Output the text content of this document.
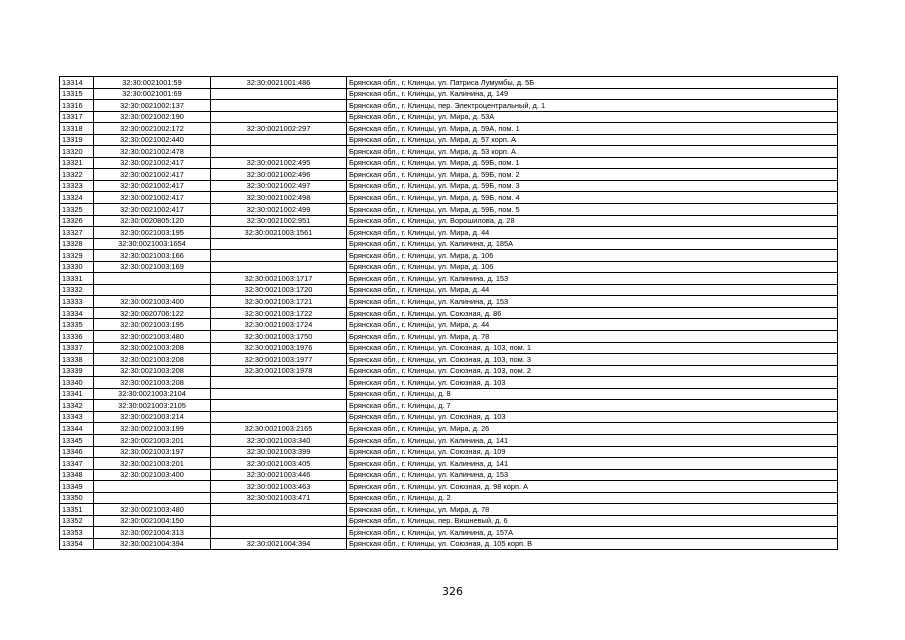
13314	32:30:0021001:59	32:30:0021001:486	Брянская обл., г. Клинцы, ул. Патриса Лумумбы, д. 5Б
13315	32:30:0021001:69		Брянская обл., г. Клинцы, ул. Калинина, д. 149
13316	32:30:0021002:137		Брянская обл., г. Клинцы, пер. Электроцентральный, д. 1
13317	32:30:0021002:190		Брянская обл., г. Клинцы, ул. Мира, д. 53А
13318	32:30:0021002:172	32:30:0021002:297	Брянская обл., г. Клинцы, ул. Мира, д. 59А, пом. 1
13319	32:30:0021002:440		Брянская обл., г. Клинцы, ул. Мира, д. 57 корп. А
13320	32:30:0021002:478		Брянская обл., г. Клинцы, ул. Мира, д. 53 корп. А
13321	32:30:0021002:417	32:30:0021002:495	Брянская обл., г. Клинцы, ул. Мира, д. 59Б, пом. 1
13322	32:30:0021002:417	32:30:0021002:496	Брянская обл., г. Клинцы, ул. Мира, д. 59Б, пом. 2
13323	32:30:0021002:417	32:30:0021002:497	Брянская обл., г. Клинцы, ул. Мира, д. 59Б, пом. 3
13324	32:30:0021002:417	32:30:0021002:498	Брянская обл., г. Клинцы, ул. Мира, д. 59Б, пом. 4
13325	32:30:0021002:417	32:30:0021002:499	Брянская обл., г. Клинцы, ул. Мира, д. 59Б, пом. 5
13326	32:30:0020805:120	32:30:0021002:951	Брянская обл., г. Клинцы, ул. Ворошилова, д. 28
13327	32:30:0021003:195	32:30:0021003:1561	Брянская обл., г. Клинцы, ул. Мира, д. 44
13328	32:30:0021003:1654		Брянская обл., г. Клинцы, ул. Калинина, д. 185А
13329	32:30:0021003:166		Брянская обл., г. Клинцы, ул. Мира, д. 106
13330	32:30:0021003:169		Брянская обл., г. Клинцы, ул. Мира, д. 106
13331		32:30:0021003:1717	Брянская обл., г. Клинцы, ул. Калинина, д. 153
13332		32:30:0021003:1720	Брянская обл., г. Клинцы, ул. Мира, д. 44
13333	32:30:0021003:400	32:30:0021003:1721	Брянская обл., г. Клинцы, ул. Калинина, д. 153
13334	32:30:0020706:122	32:30:0021003:1722	Брянская обл., г. Клинцы, ул. Союзная, д. 86
13335	32:30:0021003:195	32:30:0021003:1724	Брянская обл., г. Клинцы, ул. Мира, д. 44
13336	32:30:0021003:480	32:30:0021003:1750	Брянская обл., г. Клинцы, ул. Мира, д. 78
13337	32:30:0021003:208	32:30:0021003:1976	Брянская обл., г. Клинцы, ул. Союзная, д. 103, пом. 1
13338	32:30:0021003:208	32:30:0021003:1977	Брянская обл., г. Клинцы, ул. Союзная, д. 103, пом. 3
13339	32:30:0021003:208	32:30:0021003:1978	Брянская обл., г. Клинцы, ул. Союзная, д. 103, пом. 2
13340	32:30:0021003:208		Брянская обл., г. Клинцы, ул. Союзная, д. 103
13341	32:30:0021003:2104		Брянская обл., г. Клинцы, д. 8
13342	32:30:0021003:2105		Брянская обл., г. Клинцы, д. 7
13343	32:30:0021003:214		Брянская обл., г. Клинцы, ул. Союзная, д. 103
13344	32:30:0021003:199	32:30:0021003:2165	Брянская обл., г. Клинцы, ул. Мира, д. 26
13345	32:30:0021003:201	32:30:0021003:340	Брянская обл., г. Клинцы, ул. Калинина, д. 141
13346	32:30:0021003:197	32:30:0021003:399	Брянская обл., г. Клинцы, ул. Союзная, д. 109
13347	32:30:0021003:201	32:30:0021003:405	Брянская обл., г. Клинцы, ул. Калинина, д. 141
13348	32:30:0021003:400	32:30:0021003:446	Брянская обл., г. Клинцы, ул. Калинина, д. 153
13349		32:30:0021003:463	Брянская обл., г. Клинцы, ул. Союзная, д. 98 корп. А
13350		32:30:0021003:471	Брянская обл., г. Клинцы, д. 2
13351	32:30:0021003:480		Брянская обл., г. Клинцы, ул. Мира, д. 78
13352	32:30:0021004:150		Брянская обл., г. Клинцы, пер. Вишневый, д. 6
13353	32:30:0021004:313		Брянская обл., г. Клинцы, ул. Калинина, д. 157А
13354	32:30:0021004:394	32:30:0021004:394	Брянская обл., г. Клинцы, ул. Союзная, д. 105 корп. В
326
